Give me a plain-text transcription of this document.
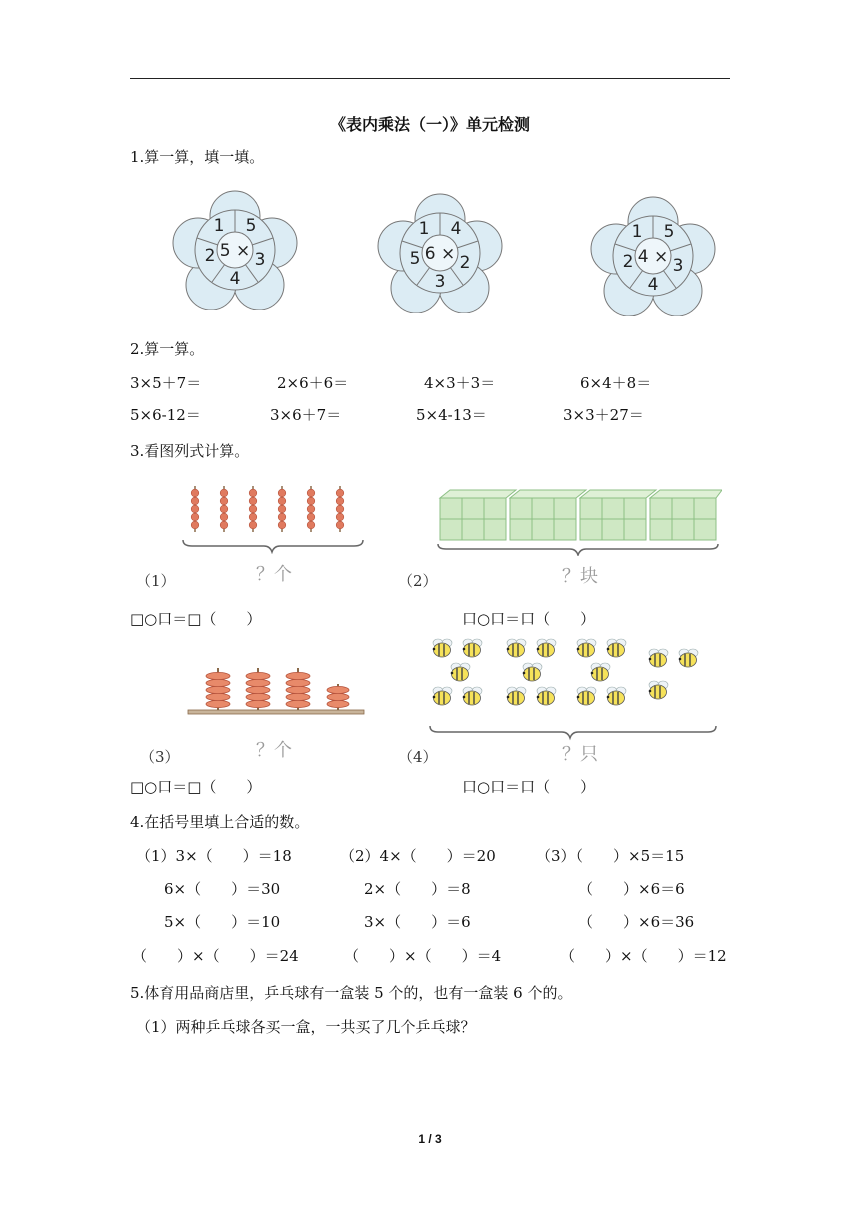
《表内乘法（一）》单元检测
1.算一算，填一填。
5 ×
1 5
3
4
2	6 ×
1 4
2
3
5	4 ×
1 5
3
4
2
2.算一算。
3×5＋7＝	2×6＋6＝	4×3＋3＝	6×4＋8＝
5×6-12＝	3×6＋7＝	5×4-13＝	3×3＋27＝
3.看图列式计算。
（1）	？个
□○口＝□（　　）
（2）	？块
口○口＝口（　　）
（3）	？个
□○口＝□（　　）
（4）	？只
口○口＝口（　　）
4.在括号里填上合适的数。
（1）3×（　　）＝18	（2）4×（　　）＝20	（3）（　　）×5＝15
6×（　　）＝30	2×（　　）＝8	（　　）×6＝6
5×（　　）＝10	3×（　　）＝6	（　　）×6＝36
（　　）×（　　）＝24	（　　）×（　　）＝4	（　　）×（　　）＝12
5.体育用品商店里，乒乓球有一盒装 5 个的，也有一盒装 6 个的。
（1）两种乒乓球各买一盒，一共买了几个乒乓球？
1 / 3
